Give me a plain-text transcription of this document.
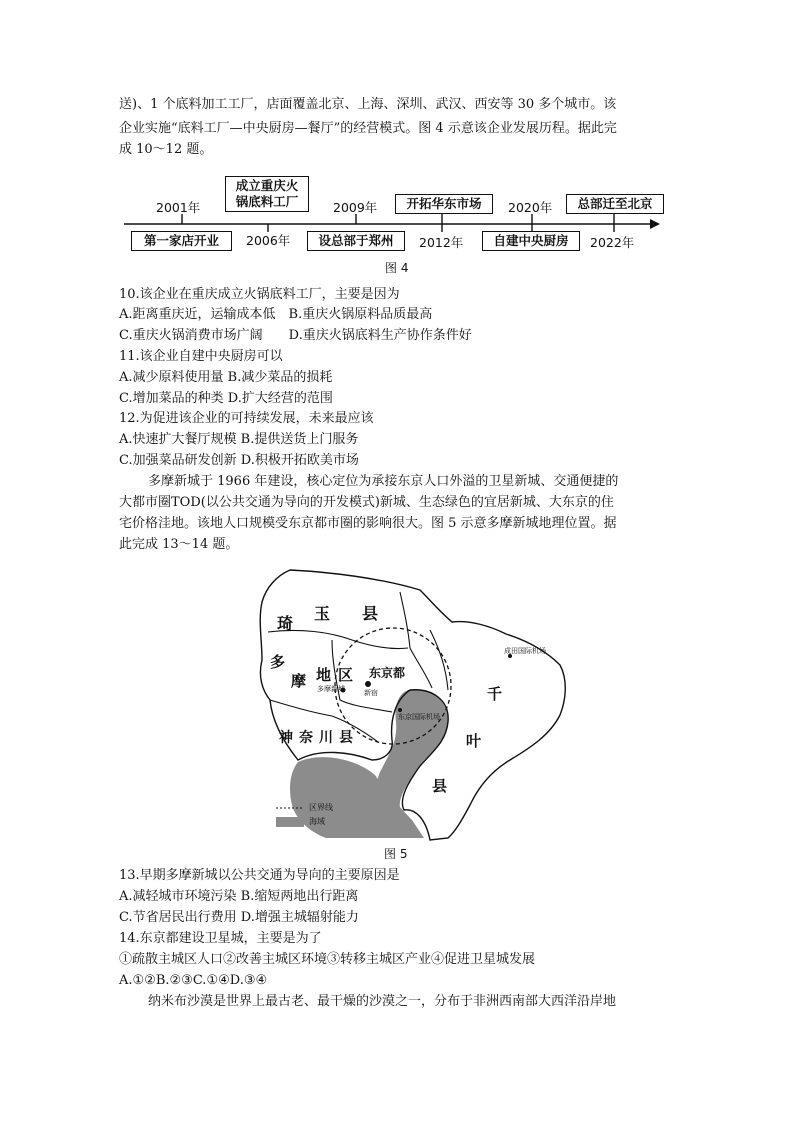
送)、1 个底料加工工厂，店面覆盖北京、上海、深圳、武汉、西安等 30 多个城市。该
企业实施“底料工厂—中央厨房—餐厅”的经营模式。图 4 示意该企业发展历程。据此完
成 10～12 题。
2001年
第一家店开业
成立重庆火
锅底料工厂
2006年
2009年
设总部于郑州
开拓华东市场
2012年
2020年
自建中央厨房
总部迁至北京
2022年
图 4
10.该企业在重庆成立火锅底料工厂，主要是因为
A.距离重庆近，运输成本低　B.重庆火锅原料品质最高
C.重庆火锅消费市场广阔　　D.重庆火锅底料生产协作条件好
11.该企业自建中央厨房可以
A.减少原料使用量 B.减少菜品的损耗
C.增加菜品的种类 D.扩大经营的范围
12.为促进该企业的可持续发展，未来最应该
A.快速扩大餐厅规模 B.提供送货上门服务
C.加强菜品研发创新 D.积极开拓欧美市场
多摩新城于 1966 年建设，核心定位为承接东京人口外溢的卫星新城、交通便捷的
大都市圈TOD(以公共交通为导向的开发模式)新城、生态绿色的宜居新城、大东京的住
宅价格洼地。该地人口规模受东京都市圈的影响很大。图 5 示意多摩新城地理位置。据
此完成 13～14 题。
琦
玉 县
多
摩 地 区 东京都
多摩新城	新宿
成田国际机场
东京国际机场
千
叶
县
神奈川县
区界线
海域
图 5
13.早期多摩新城以公共交通为导向的主要原因是
A.减轻城市环境污染 B.缩短两地出行距离
C.节省居民出行费用 D.增强主城辐射能力
14.东京都建设卫星城，主要是为了
①疏散主城区人口②改善主城区环境③转移主城区产业④促进卫星城发展
A.①②B.②③C.①④D.③④
纳米布沙漠是世界上最古老、最干燥的沙漠之一，分布于非洲西南部大西洋沿岸地
